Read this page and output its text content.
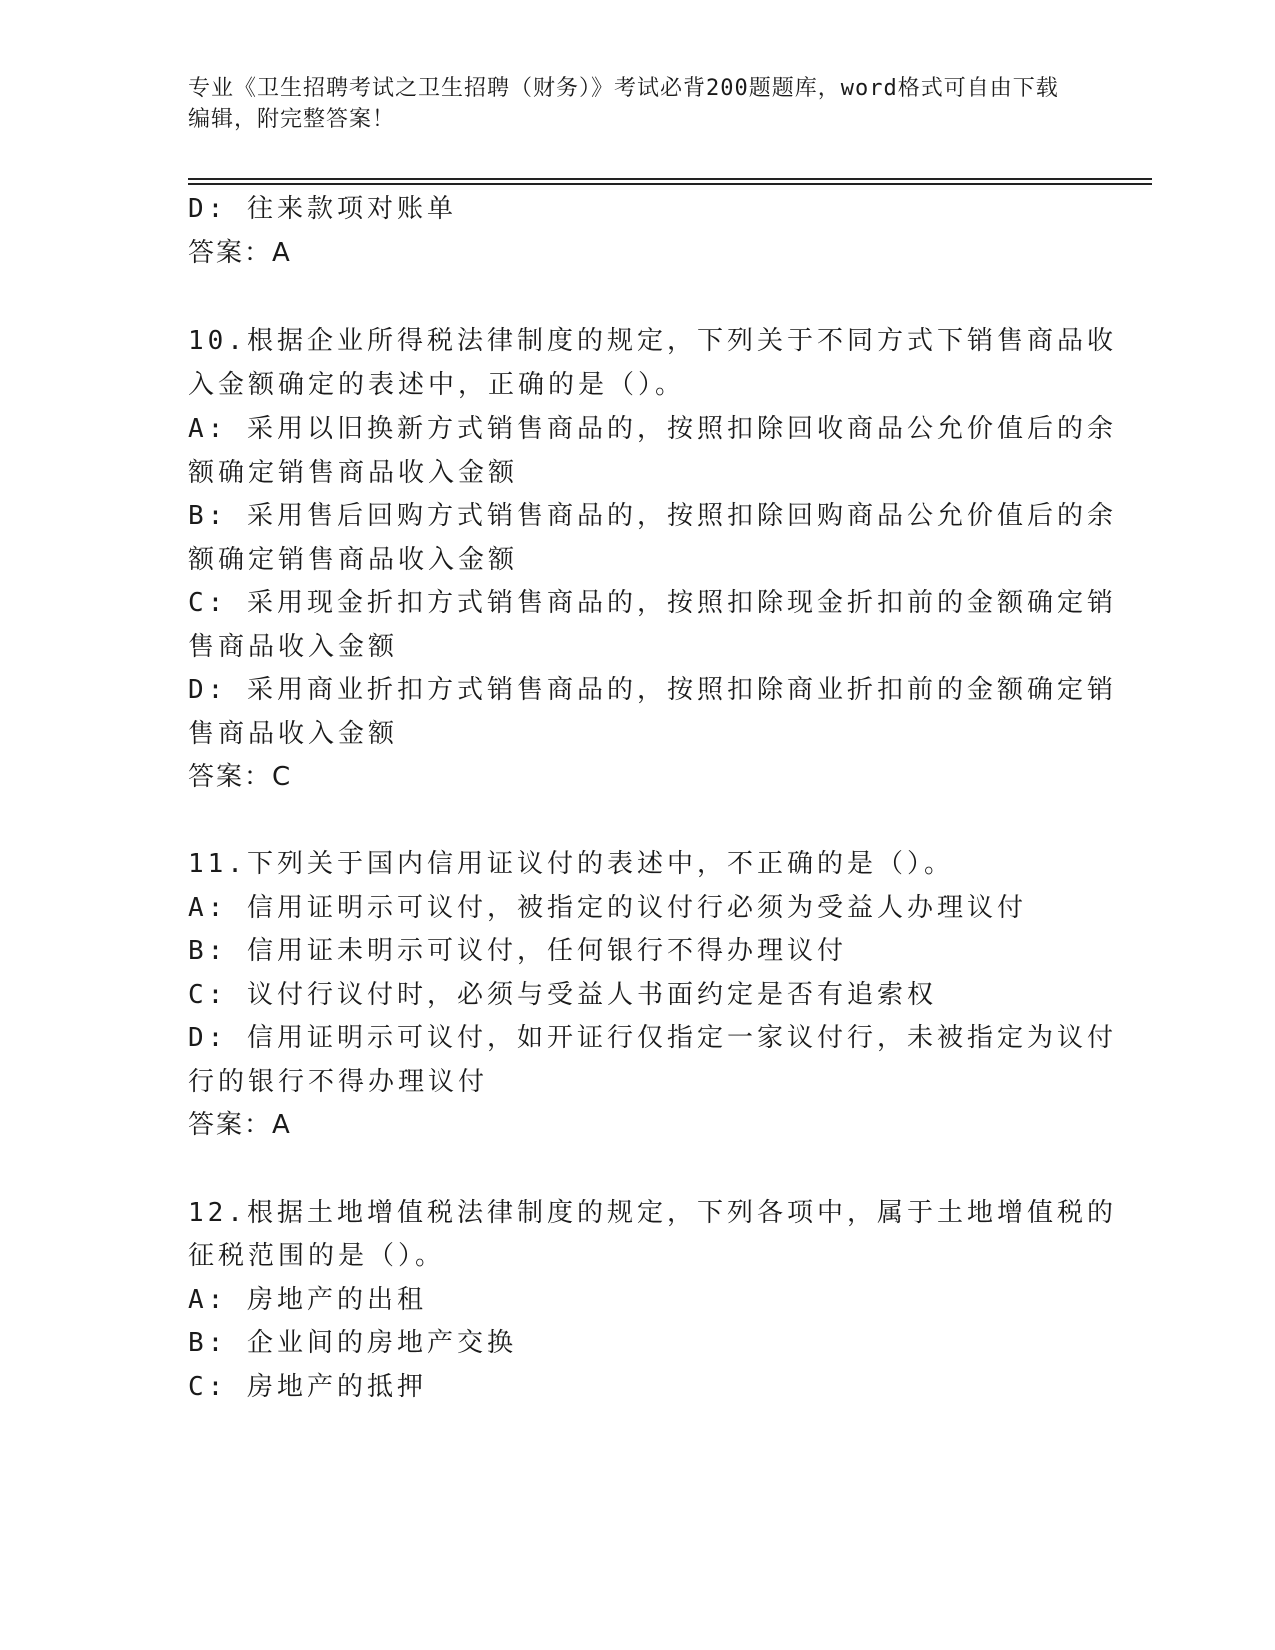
专业《卫生招聘考试之卫生招聘（财务）》考试必背200题题库，word格式可自由下载编辑，附完整答案！
D: 往来款项对账单
答案：A
10.根据企业所得税法律制度的规定，下列关于不同方式下销售商品收
入金额确定的表述中，正确的是（）。
A: 采用以旧换新方式销售商品的，按照扣除回收商品公允价值后的余
额确定销售商品收入金额
B: 采用售后回购方式销售商品的，按照扣除回购商品公允价值后的余
额确定销售商品收入金额
C: 采用现金折扣方式销售商品的，按照扣除现金折扣前的金额确定销
售商品收入金额
D: 采用商业折扣方式销售商品的，按照扣除商业折扣前的金额确定销
售商品收入金额
答案：C
11.下列关于国内信用证议付的表述中，不正确的是（）。
A: 信用证明示可议付，被指定的议付行必须为受益人办理议付
B: 信用证未明示可议付，任何银行不得办理议付
C: 议付行议付时，必须与受益人书面约定是否有追索权
D: 信用证明示可议付，如开证行仅指定一家议付行，未被指定为议付
行的银行不得办理议付
答案：A
12.根据土地增值税法律制度的规定，下列各项中，属于土地增值税的
征税范围的是（）。
A: 房地产的出租
B: 企业间的房地产交换
C: 房地产的抵押
